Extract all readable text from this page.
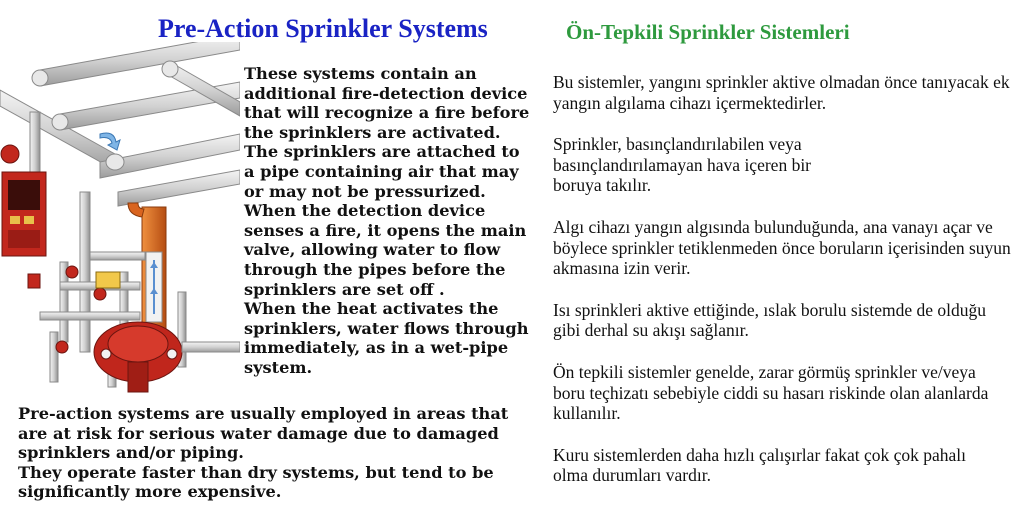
Pre-Action Sprinkler Systems	Ön-Tepkili Sprinkler Sistemleri

These systems contain an additional fire-detection device that will recognize a fire before the sprinklers are activated.

The sprinklers are attached to a pipe containing air that may or may not be pressurized.

When the detection device senses a fire, it opens the main valve, allowing water to flow through the pipes before the sprinklers are set off .

When the heat activates the sprinklers, water flows through immediately, as in a wet-pipe system.

Pre-action systems are usually employed in areas that are at risk for serious water damage due to damaged sprinklers and/or piping.

They operate faster than dry systems, but tend to be significantly more expensive.

Bu sistemler, yangını sprinkler aktive olmadan önce tanıyacak ek yangın algılama cihazı içermektedirler.

Sprinkler, basınçlandırılabilen veya basınçlandırılamayan hava içeren bir boruya takılır.

Algı cihazı yangın algısında bulunduğunda, ana vanayı açar ve böylece sprinkler tetiklenmeden önce boruların içerisinden suyun akmasına izin verir.

Isı sprinkleri aktive ettiğinde, ıslak borulu sistemde de olduğu gibi derhal su akışı sağlanır.

Ön tepkili sistemler genelde, zarar görmüş sprinkler ve/veya boru teçhizatı sebebiyle ciddi su hasarı riskinde olan alanlarda kullanılır.

Kuru sistemlerden daha hızlı çalışırlar fakat çok çok pahalı olma durumları vardır.
